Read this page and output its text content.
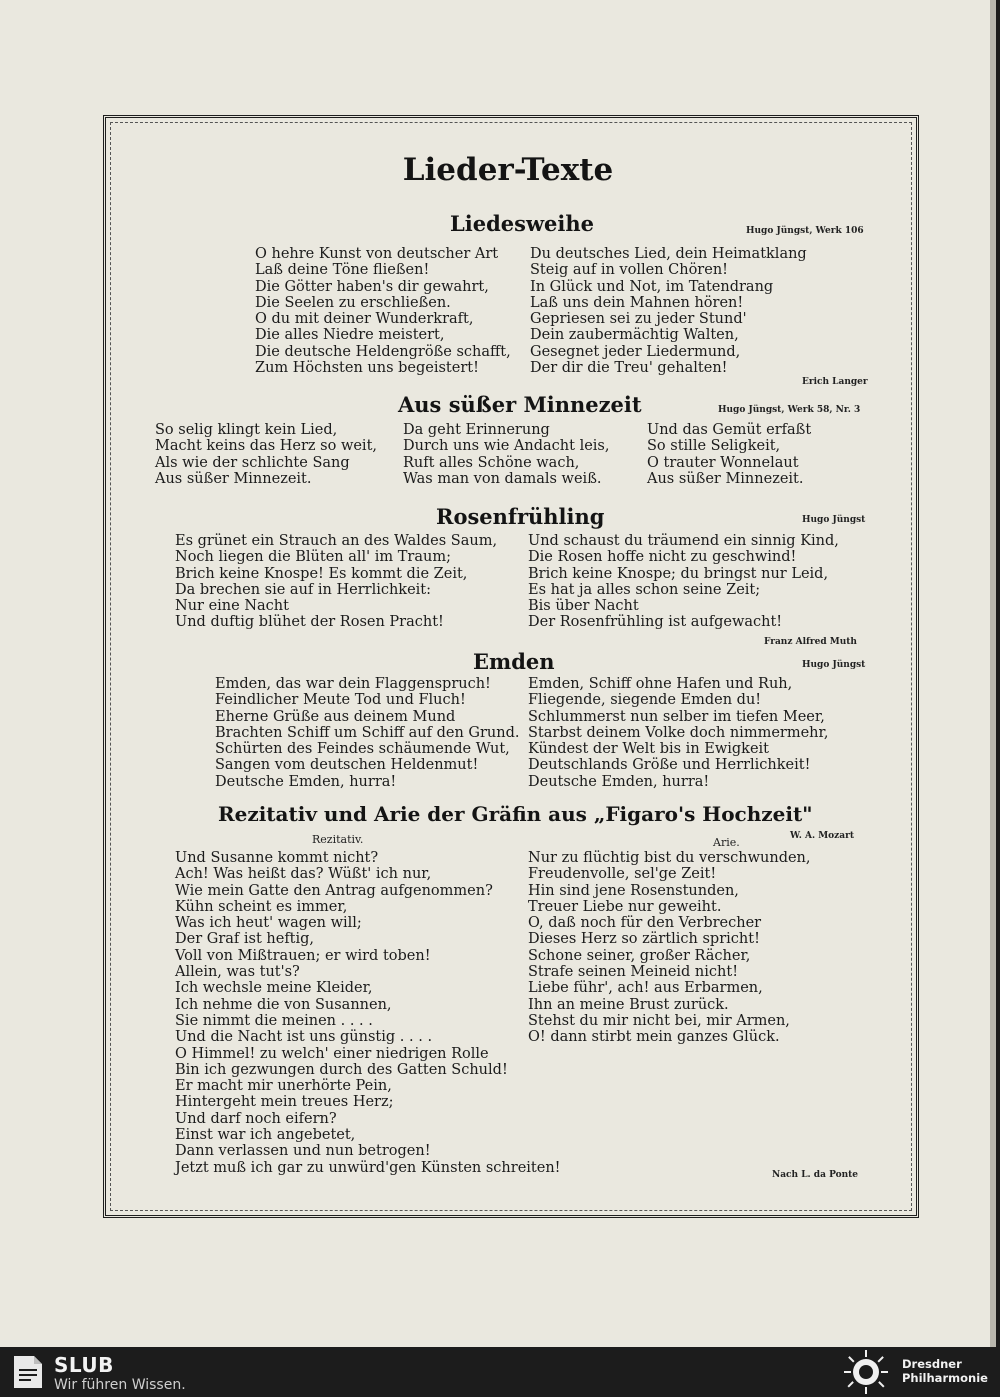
Lieder-Texte
Liedesweihe	Hugo Jüngst, Werk 106
O hehre Kunst von deutscher Art
Laß deine Töne fließen!
Die Götter haben's dir gewahrt,
Die Seelen zu erschließen.
O du mit deiner Wunderkraft,
Die alles Niedre meistert,
Die deutsche Heldengröße schafft,
Zum Höchsten uns begeistert!
Du deutsches Lied, dein Heimatklang
Steig auf in vollen Chören!
In Glück und Not, im Tatendrang
Laß uns dein Mahnen hören!
Gepriesen sei zu jeder Stund'
Dein zaubermächtig Walten,
Gesegnet jeder Liedermund,
Der dir die Treu' gehalten!
Erich Langer
Aus süßer Minnezeit	Hugo Jüngst, Werk 58, Nr. 3
So selig klingt kein Lied,
Macht keins das Herz so weit,
Als wie der schlichte Sang
Aus süßer Minnezeit.
Da geht Erinnerung
Durch uns wie Andacht leis,
Ruft alles Schöne wach,
Was man von damals weiß.
Und das Gemüt erfaßt
So stille Seligkeit,
O trauter Wonnelaut
Aus süßer Minnezeit.
Rosenfrühling	Hugo Jüngst
Es grünet ein Strauch an des Waldes Saum,
Noch liegen die Blüten all' im Traum;
Brich keine Knospe! Es kommt die Zeit,
Da brechen sie auf in Herrlichkeit:
Nur eine Nacht
Und duftig blühet der Rosen Pracht!
Und schaust du träumend ein sinnig Kind,
Die Rosen hoffe nicht zu geschwind!
Brich keine Knospe; du bringst nur Leid,
Es hat ja alles schon seine Zeit;
Bis über Nacht
Der Rosenfrühling ist aufgewacht!
Franz Alfred Muth
Emden	Hugo Jüngst
Emden, das war dein Flaggenspruch!
Feindlicher Meute Tod und Fluch!
Eherne Grüße aus deinem Mund
Brachten Schiff um Schiff auf den Grund.
Schürten des Feindes schäumende Wut,
Sangen vom deutschen Heldenmut!
Deutsche Emden, hurra!
Emden, Schiff ohne Hafen und Ruh,
Fliegende, siegende Emden du!
Schlummerst nun selber im tiefen Meer,
Starbst deinem Volke doch nimmermehr,
Kündest der Welt bis in Ewigkeit
Deutschlands Größe und Herrlichkeit!
Deutsche Emden, hurra!
Rezitativ und Arie der Gräfin aus „Figaro's Hochzeit"
W. A. Mozart
Rezitativ.	Arie.
Und Susanne kommt nicht?
Ach! Was heißt das? Wüßt' ich nur,
Wie mein Gatte den Antrag aufgenommen?
Kühn scheint es immer,
Was ich heut' wagen will;
Der Graf ist heftig,
Voll von Mißtrauen; er wird toben!
Allein, was tut's?
Ich wechsle meine Kleider,
Ich nehme die von Susannen,
Sie nimmt die meinen . . . .
Und die Nacht ist uns günstig . . . .
O Himmel! zu welch' einer niedrigen Rolle
Bin ich gezwungen durch des Gatten Schuld!
Er macht mir unerhörte Pein,
Hintergeht mein treues Herz;
Und darf noch eifern?
Einst war ich angebetet,
Dann verlassen und nun betrogen!
Jetzt muß ich gar zu unwürd'gen Künsten schreiten!
Nur zu flüchtig bist du verschwunden,
Freudenvolle, sel'ge Zeit!
Hin sind jene Rosenstunden,
Treuer Liebe nur geweiht.
O, daß noch für den Verbrecher
Dieses Herz so zärtlich spricht!
Schone seiner, großer Rächer,
Strafe seinen Meineid nicht!
Liebe führ', ach! aus Erbarmen,
Ihn an meine Brust zurück.
Stehst du mir nicht bei, mir Armen,
O! dann stirbt mein ganzes Glück.
Nach L. da Ponte
SLUB
Wir führen Wissen.
Dresdner
Philharmonie
